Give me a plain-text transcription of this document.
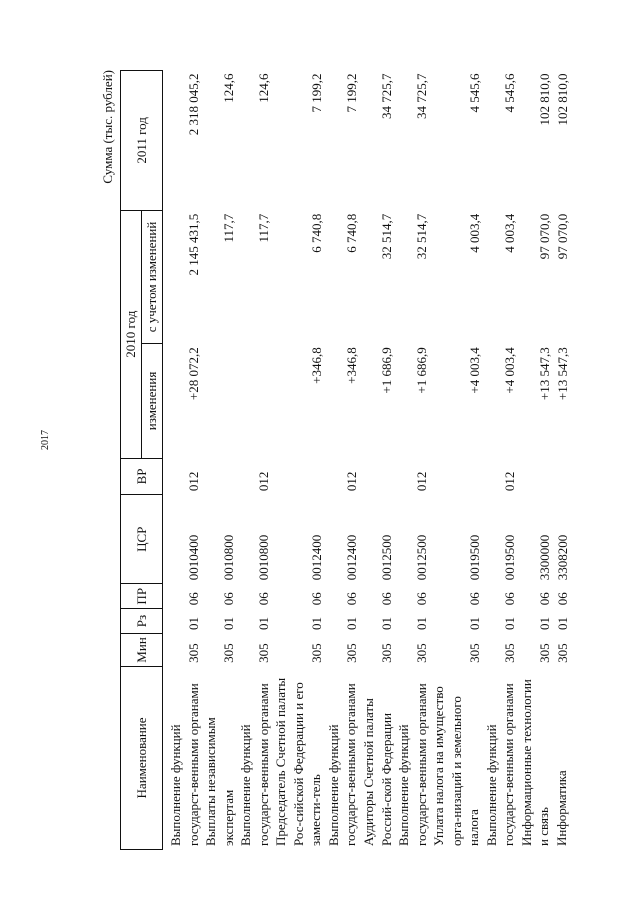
2017
Сумма (тыс. рублей)
Наименование	Мин	Рз	ПР	ЦСР	ВР	2010 год		2011 год
						изменения	с учетом изменений	
Выполнение функций государст-венными органами	305	01	06	0010400	012	+28 072,2	2 145 431,5	2 318 045,2
Выплаты независимым экспертам	305	01	06	0010800			117,7	124,6
Выполнение функций государст-венными органами	305	01	06	0010800	012		117,7	124,6
Председатель Счетной палаты Рос-сийской Федерации и его замести-тель	305	01	06	0012400		+346,8	6 740,8	7 199,2
Выполнение функций государст-венными органами	305	01	06	0012400	012	+346,8	6 740,8	7 199,2
Аудиторы Счетной палаты Россий-ской Федерации	305	01	06	0012500		+1 686,9	32 514,7	34 725,7
Выполнение функций государст-венными органами	305	01	06	0012500	012	+1 686,9	32 514,7	34 725,7
Уплата налога на имущество орга-низаций и земельного налога	305	01	06	0019500		+4 003,4	4 003,4	4 545,6
Выполнение функций государст-венными органами	305	01	06	0019500	012	+4 003,4	4 003,4	4 545,6
Информационные технологии и связь	305	01	06	3300000		+13 547,3	97 070,0	102 810,0
Информатика	305	01	06	3308200		+13 547,3	97 070,0	102 810,0
